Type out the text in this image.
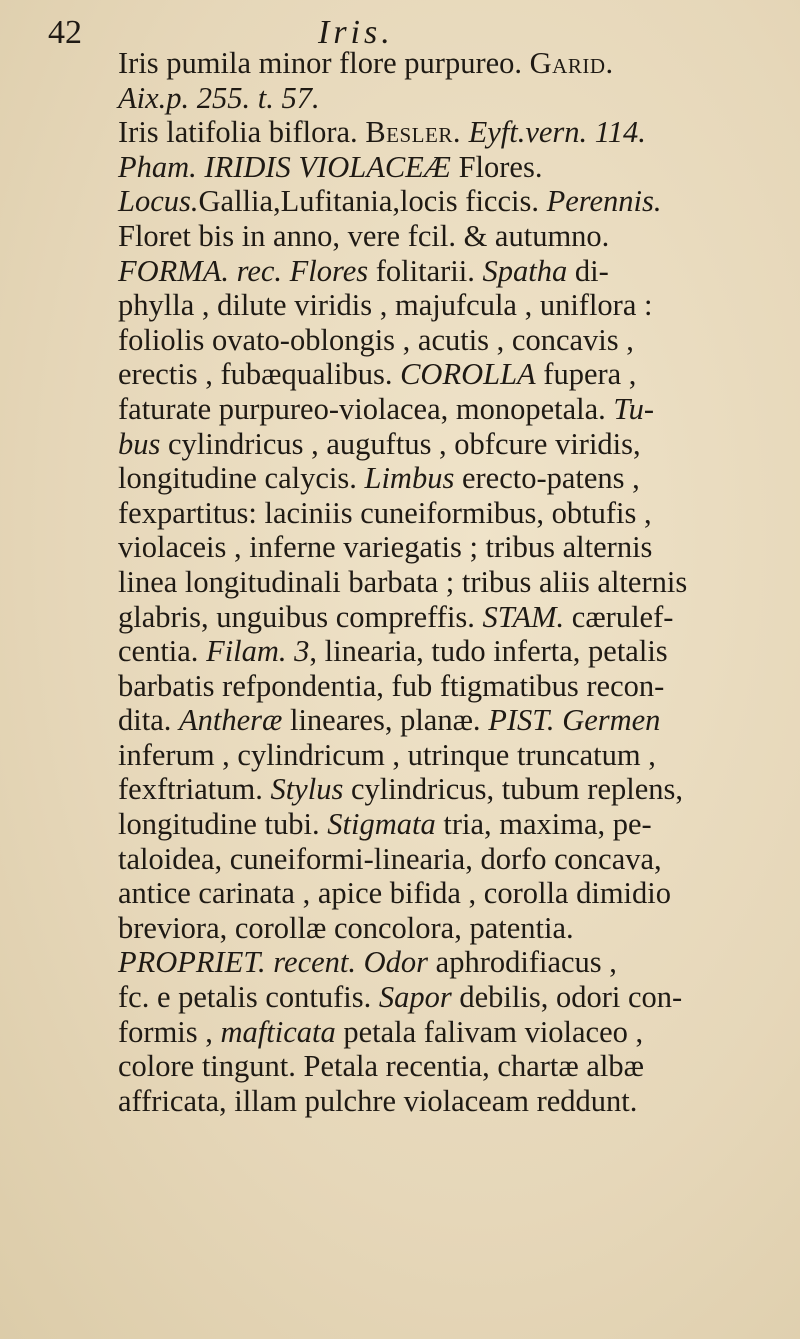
42	Iris.
Iris pumila minor flore purpureo. Garid.
Aix.p. 255. t. 57.
Iris latifolia biflora. Besler. Eyft.vern. 114.
Pham. IRIDIS VIOLACEÆ Flores.
Locus.Gallia,Lufitania,locis ficcis. Perennis.
Floret bis in anno, vere fcil. & autumno.
FORMA. rec. Flores folitarii. Spatha di-
phylla , dilute viridis , majufcula , uniflora :
foliolis ovato-oblongis , acutis , concavis ,
erectis , fubæqualibus. COROLLA fupera ,
faturate purpureo-violacea, monopetala. Tu-
bus cylindricus , auguftus , obfcure viridis,
longitudine calycis. Limbus erecto-patens ,
fexpartitus: laciniis cuneiformibus, obtufis ,
violaceis , inferne variegatis ; tribus alternis
linea longitudinali barbata ; tribus aliis alternis
glabris, unguibus compreffis. STAM. cærulef-
centia. Filam. 3, linearia, tudo inferta, petalis
barbatis refpondentia, fub ftigmatibus recon-
dita. Antheræ lineares, planæ. PIST. Germen
inferum , cylindricum , utrinque truncatum ,
fexftriatum. Stylus cylindricus, tubum replens,
longitudine tubi. Stigmata tria, maxima, pe-
taloidea, cuneiformi-linearia, dorfo concava,
antice carinata , apice bifida , corolla dimidio
breviora, corollæ concolora, patentia.
PROPRIET. recent. Odor aphrodifiacus ,
fc. e petalis contufis. Sapor debilis, odori con-
formis , mafticata petala falivam violaceo ,
colore tingunt. Petala recentia, chartæ albæ
affricata, illam pulchre violaceam reddunt.
